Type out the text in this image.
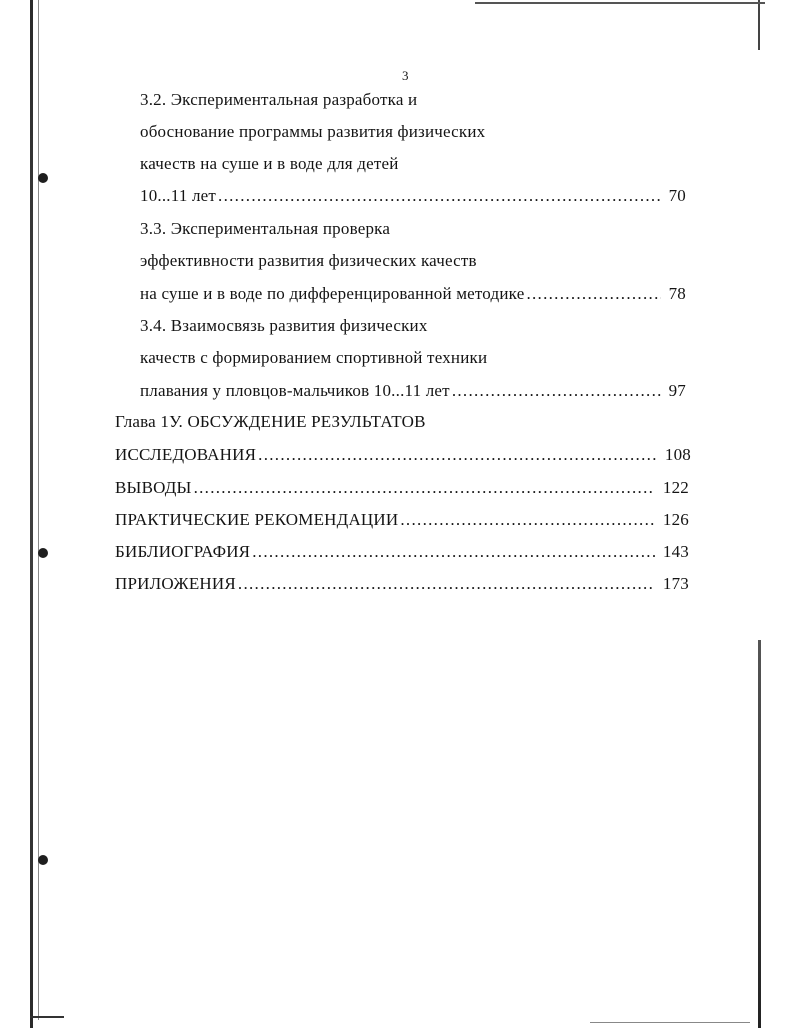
3
3.2. Экспериментальная разработка и
обоснование программы развития физических
качеств на суше и в воде для детей
10...11 лет .....	70
3.3. Экспериментальная проверка
эффективности развития физических качеств
на суше и в воде по дифференцированной методике .....	78
3.4. Взаимосвязь развития физических
качеств с формированием спортивной техники
плавания у пловцов-мальчиков 10...11 лет .....	97
Глава 1У. ОБСУЖДЕНИЕ РЕЗУЛЬТАТОВ
ИССЛЕДОВАНИЯ .....	108
ВЫВОДЫ .....	122
ПРАКТИЧЕСКИЕ РЕКОМЕНДАЦИИ .....	126
БИБЛИОГРАФИЯ .....	143
ПРИЛОЖЕНИЯ .....	173
